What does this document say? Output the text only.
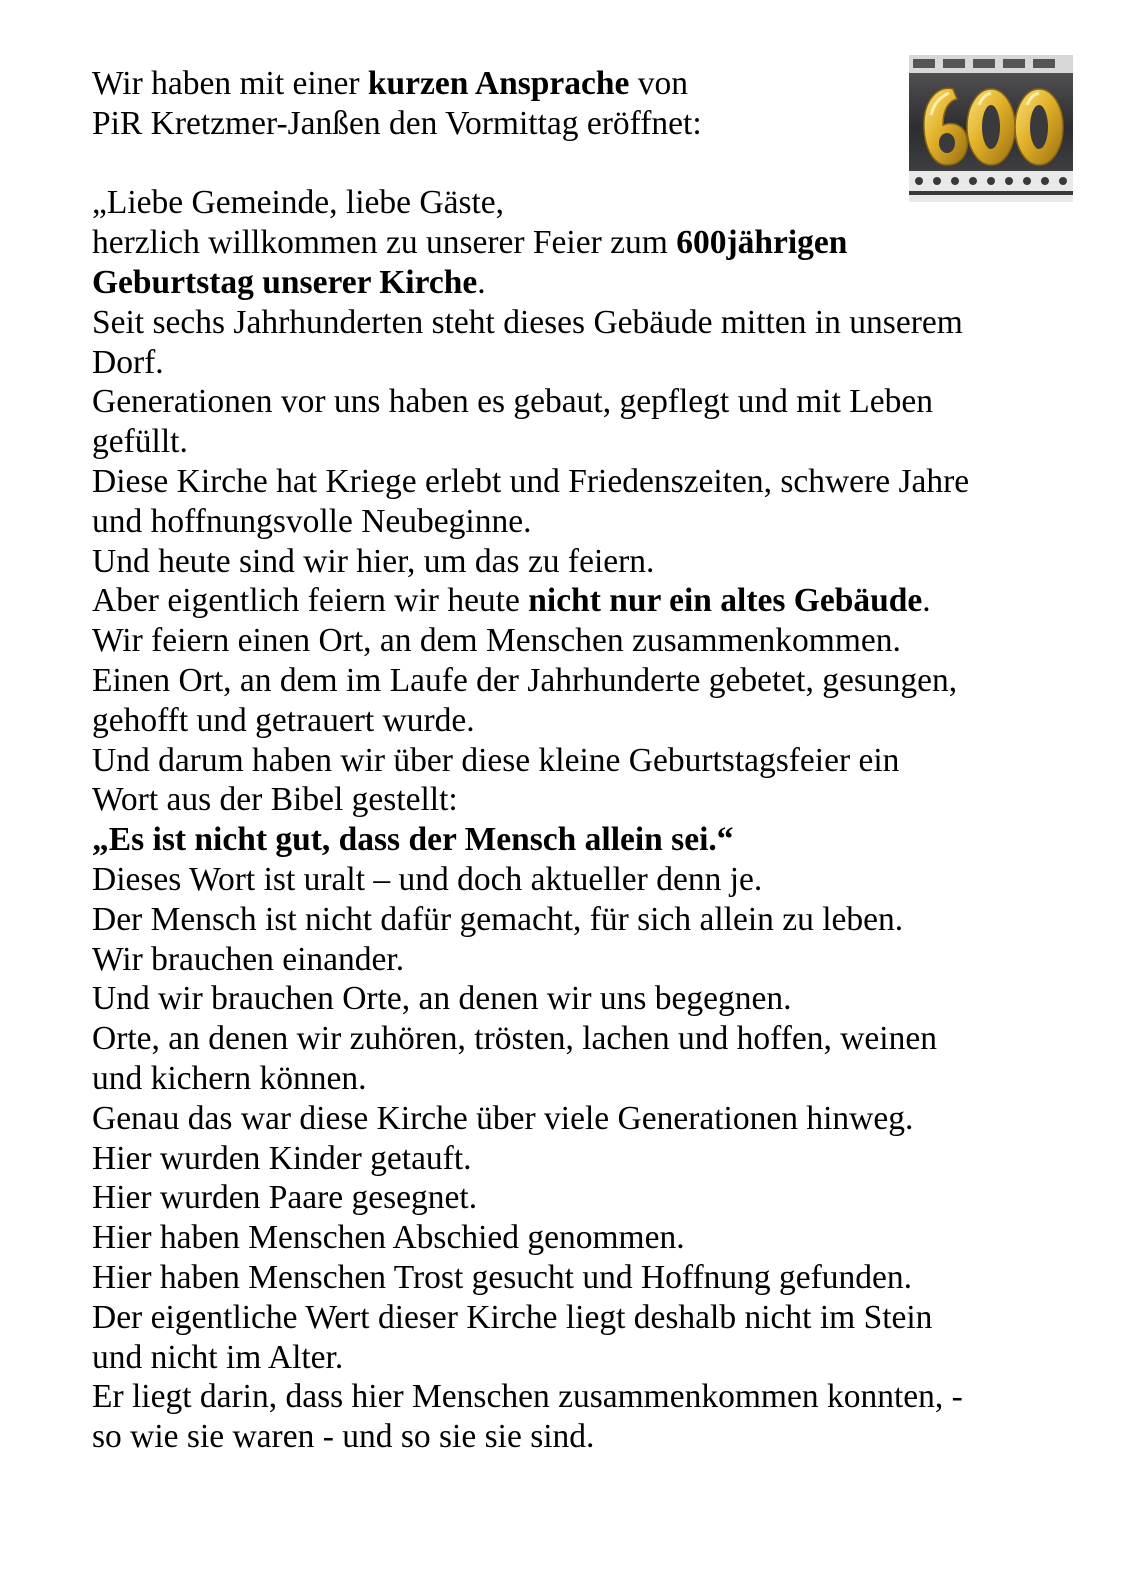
Wir haben mit einer kurzen Ansprache von
PiR Kretzmer-Janßen den Vormittag eröffnet:
„Liebe Gemeinde, liebe Gäste,
herzlich willkommen zu unserer Feier zum 600jährigen
Geburtstag unserer Kirche.
Seit sechs Jahrhunderten steht dieses Gebäude mitten in unserem
Dorf.
Generationen vor uns haben es gebaut, gepflegt und mit Leben
gefüllt.
Diese Kirche hat Kriege erlebt und Friedenszeiten, schwere Jahre
und hoffnungsvolle Neubeginne.
Und heute sind wir hier, um das zu feiern.
Aber eigentlich feiern wir heute nicht nur ein altes Gebäude.
Wir feiern einen Ort, an dem Menschen zusammenkommen.
Einen Ort, an dem im Laufe der Jahrhunderte gebetet, gesungen,
gehofft und getrauert wurde.
Und darum haben wir über diese kleine Geburtstagsfeier ein
Wort aus der Bibel gestellt:
„Es ist nicht gut, dass der Mensch allein sei.“
Dieses Wort ist uralt – und doch aktueller denn je.
Der Mensch ist nicht dafür gemacht, für sich allein zu leben.
Wir brauchen einander.
Und wir brauchen Orte, an denen wir uns begegnen.
Orte, an denen wir zuhören, trösten, lachen und hoffen, weinen
und kichern können.
Genau das war diese Kirche über viele Generationen hinweg.
Hier wurden Kinder getauft.
Hier wurden Paare gesegnet.
Hier haben Menschen Abschied genommen.
Hier haben Menschen Trost gesucht und Hoffnung gefunden.
Der eigentliche Wert dieser Kirche liegt deshalb nicht im Stein
und nicht im Alter.
Er liegt darin, dass hier Menschen zusammenkommen konnten, -
so wie sie waren - und so sie sie sind.
